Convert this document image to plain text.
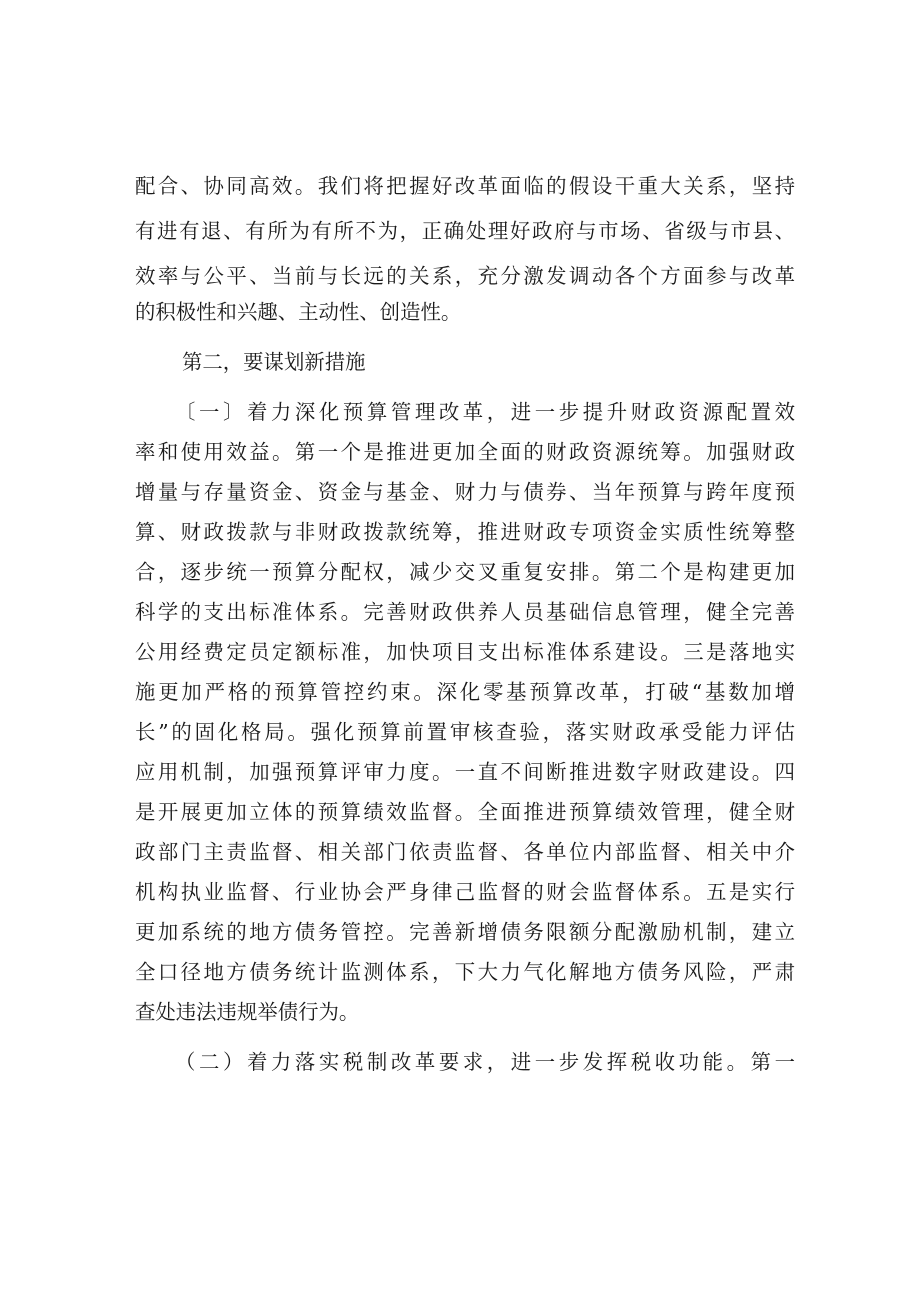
配合、协同高效。我们将把握好改革面临的假设干重大关系，坚持
有进有退、有所为有所不为，正确处理好政府与市场、省级与市县、
效率与公平、当前与长远的关系，充分激发调动各个方面参与改革
的积极性和兴趣、主动性、创造性。
第二，要谋划新措施
〔一〕着力深化预算管理改革，进一步提升财政资源配置效
率和使用效益。第一个是推进更加全面的财政资源统筹。加强财政
增量与存量资金、资金与基金、财力与债券、当年预算与跨年度预
算、财政拨款与非财政拨款统筹，推进财政专项资金实质性统筹整
合，逐步统一预算分配权，减少交叉重复安排。第二个是构建更加
科学的支出标准体系。完善财政供养人员基础信息管理，健全完善
公用经费定员定额标准，加快项目支出标准体系建设。三是落地实
施更加严格的预算管控约束。深化零基预算改革，打破“基数加增
长”的固化格局。强化预算前置审核查验，落实财政承受能力评估
应用机制，加强预算评审力度。一直不间断推进数字财政建设。四
是开展更加立体的预算绩效监督。全面推进预算绩效管理，健全财
政部门主责监督、相关部门依责监督、各单位内部监督、相关中介
机构执业监督、行业协会严身律己监督的财会监督体系。五是实行
更加系统的地方债务管控。完善新增债务限额分配激励机制，建立
全口径地方债务统计监测体系，下大力气化解地方债务风险，严肃
查处违法违规举债行为。
（二）着力落实税制改革要求，进一步发挥税收功能。第一
